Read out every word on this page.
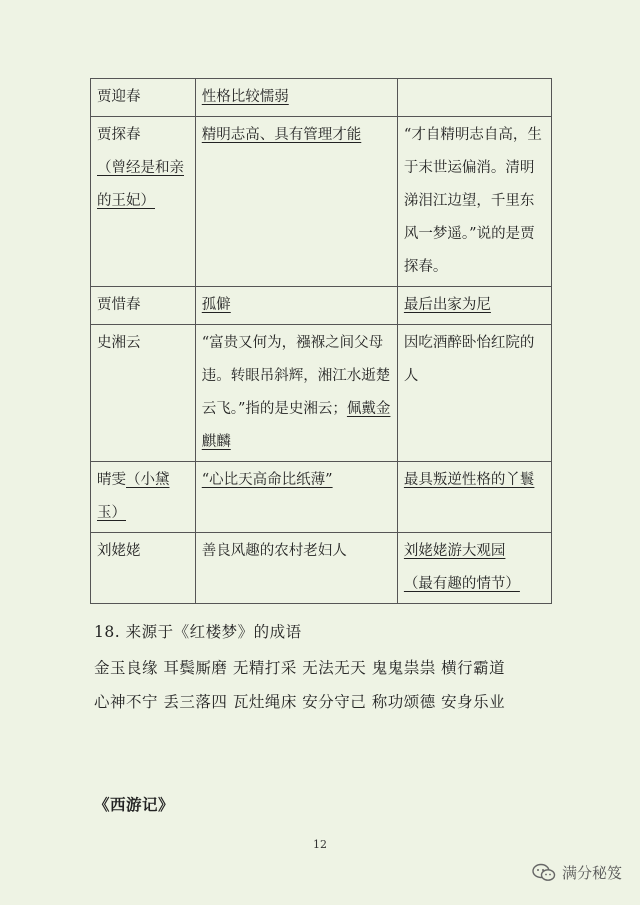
贾迎春	性格比较懦弱	

贾探春
（曾经是和亲的王妃）	精明志高、具有管理才能	“才自精明志自高，生于末世运偏消。清明涕泪江边望，千里东风一梦遥。”说的是贾探春。
贾惜春	孤僻	最后出家为尼
史湘云	“富贵又何为，襁褓之间父母违。转眼吊斜辉，湘江水逝楚云飞。”指的是史湘云；佩戴金麒麟	因吃酒醉卧怡红院的人
晴雯（小黛玉）	“心比天高命比纸薄”	最具叛逆性格的丫鬟
刘姥姥	善良风趣的农村老妇人	刘姥姥游大观园
（最有趣的情节）
18. 来源于《红楼梦》的成语
金玉良缘 耳鬓厮磨 无精打采 无法无天 鬼鬼祟祟 横行霸道
心神不宁 丢三落四 瓦灶绳床 安分守己 称功颂德 安身乐业
《西游记》
12
满分秘笈
